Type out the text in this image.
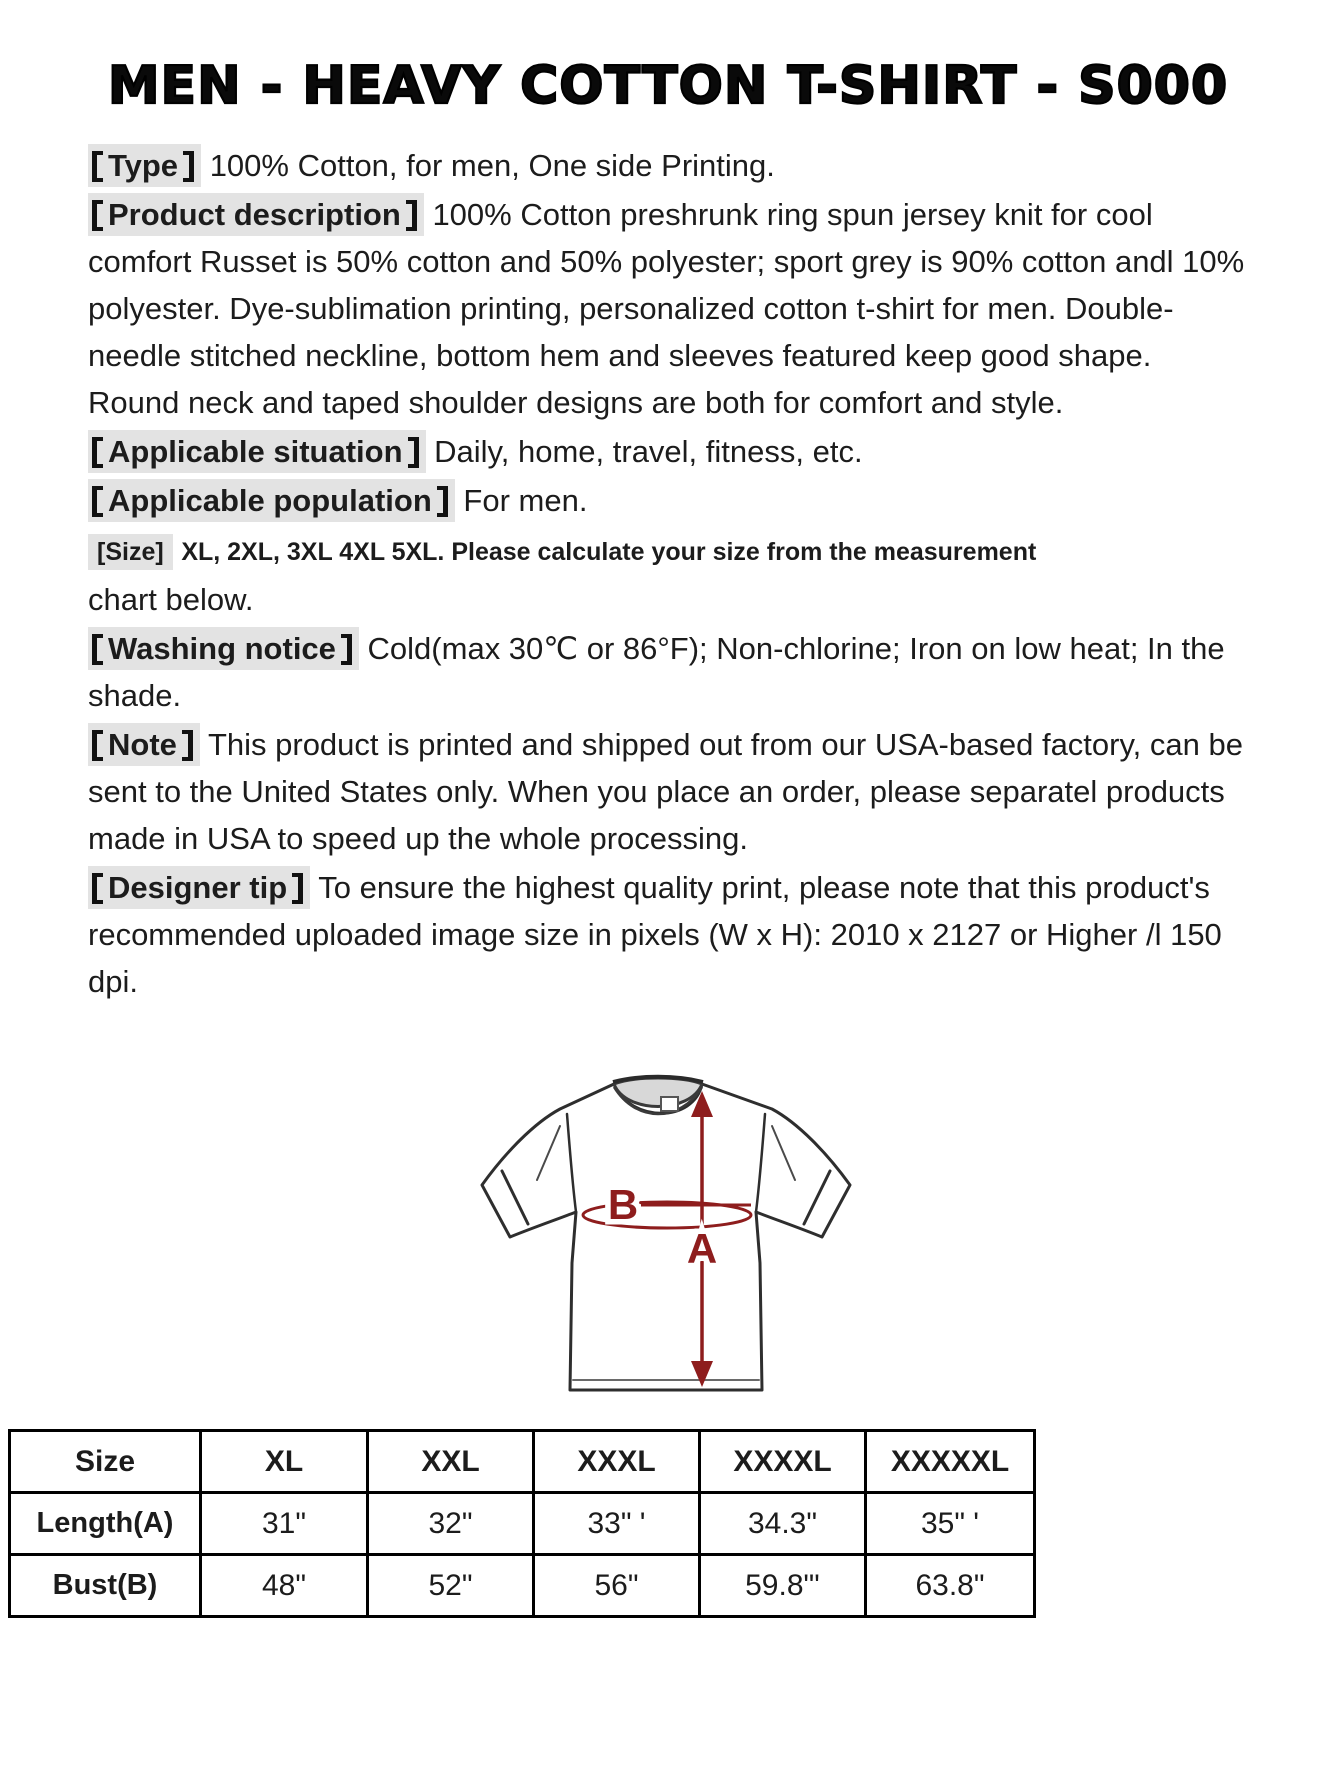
MEN - HEAVY COTTON T-SHIRT - S000

Type 100% Cotton, for men, One side Printing.

Product description 100% Cotton preshrunk ring spun jersey knit for cool comfort Russet is 50% cotton and 50% polyester; sport grey is 90% cotton andl 10% polyester. Dye-sublimation printing, personalized cotton t-shirt for men. Double-needle stitched neckline, bottom hem and sleeves featured keep good shape. Round neck and taped shoulder designs are both for comfort and style.

Applicable situation Daily, home, travel, fitness, etc.

Applicable population For men.

[Size] XL, 2XL, 3XL 4XL 5XL. Please calculate your size from the measurement
chart below.

Washing notice Cold(max 30℃ or 86°F); Non-chlorine; Iron on low heat; In the shade.

Note This product is printed and shipped out from our USA-based factory, can be sent to the United States only. When you place an order, please separatel products made in USA to speed up the whole processing.

Designer tip To ensure the highest quality print, please note that this product's recommended uploaded image size in pixels (W x H): 2010 x 2127 or Higher /l 150 dpi.

A
B
Size	XL	XXL	XXXL	XXXXL	XXXXXL
Length(A)	31"	32"	33" '	34.3"	35" '
Bust(B)	48"	52"	56"	59.8"'	63.8"
